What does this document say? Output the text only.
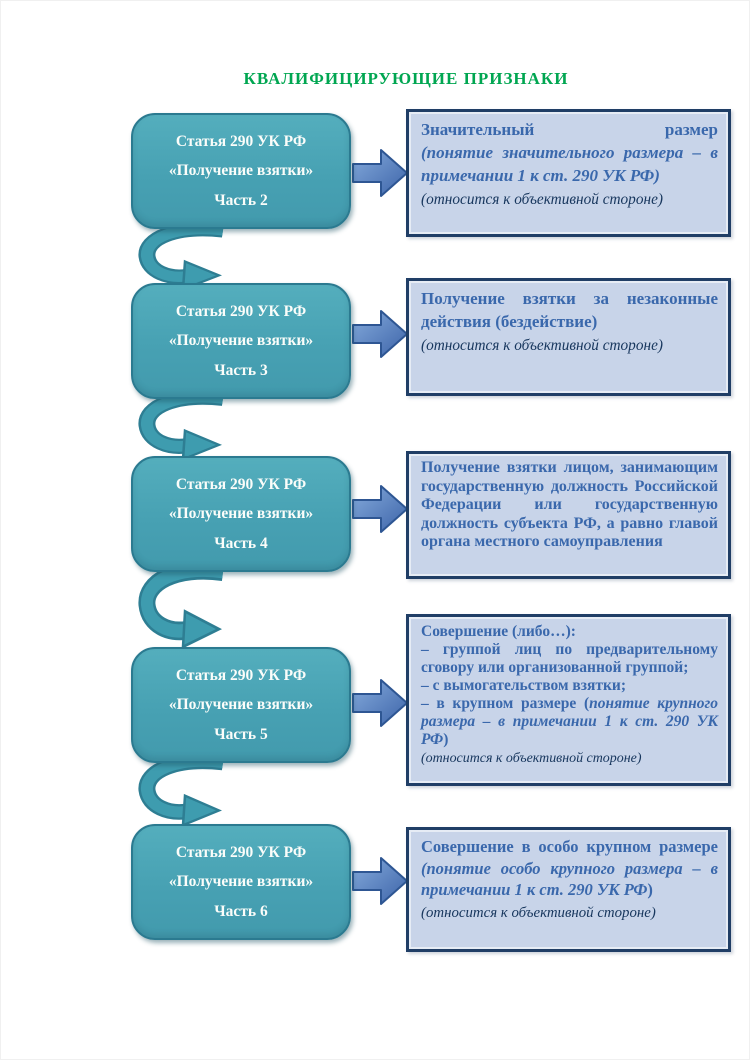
КВАЛИФИЦИРУЮЩИЕ ПРИЗНАКИ
Статья 290 УК РФ
«Получение взятки»
Часть 2
Значительный размер
(понятие значительного размера – в примечании 1 к ст. 290 УК РФ)
(относится к объективной стороне)
Статья 290 УК РФ
«Получение взятки»
Часть 3
Получение взятки за незаконные действия (бездействие)
(относится к объективной стороне)
Статья 290 УК РФ
«Получение взятки»
Часть 4
Получение взятки лицом, занимающим государственную должность Российской Федерации или государственную должность субъекта РФ, а равно главой органа местного самоуправления
Статья 290 УК РФ
«Получение взятки»
Часть 5
Совершение (либо…):
– группой лиц по предварительному сговору или организованной группой;
– с вымогательством взятки;
– в крупном размере (понятие крупного размера – в примечании 1 к ст. 290 УК РФ)
(относится к объективной стороне)
Статья 290 УК РФ
«Получение взятки»
Часть 6
Совершение в особо крупном размере (понятие особо крупного размера – в примечании 1 к ст. 290 УК РФ)
(относится к объективной стороне)
